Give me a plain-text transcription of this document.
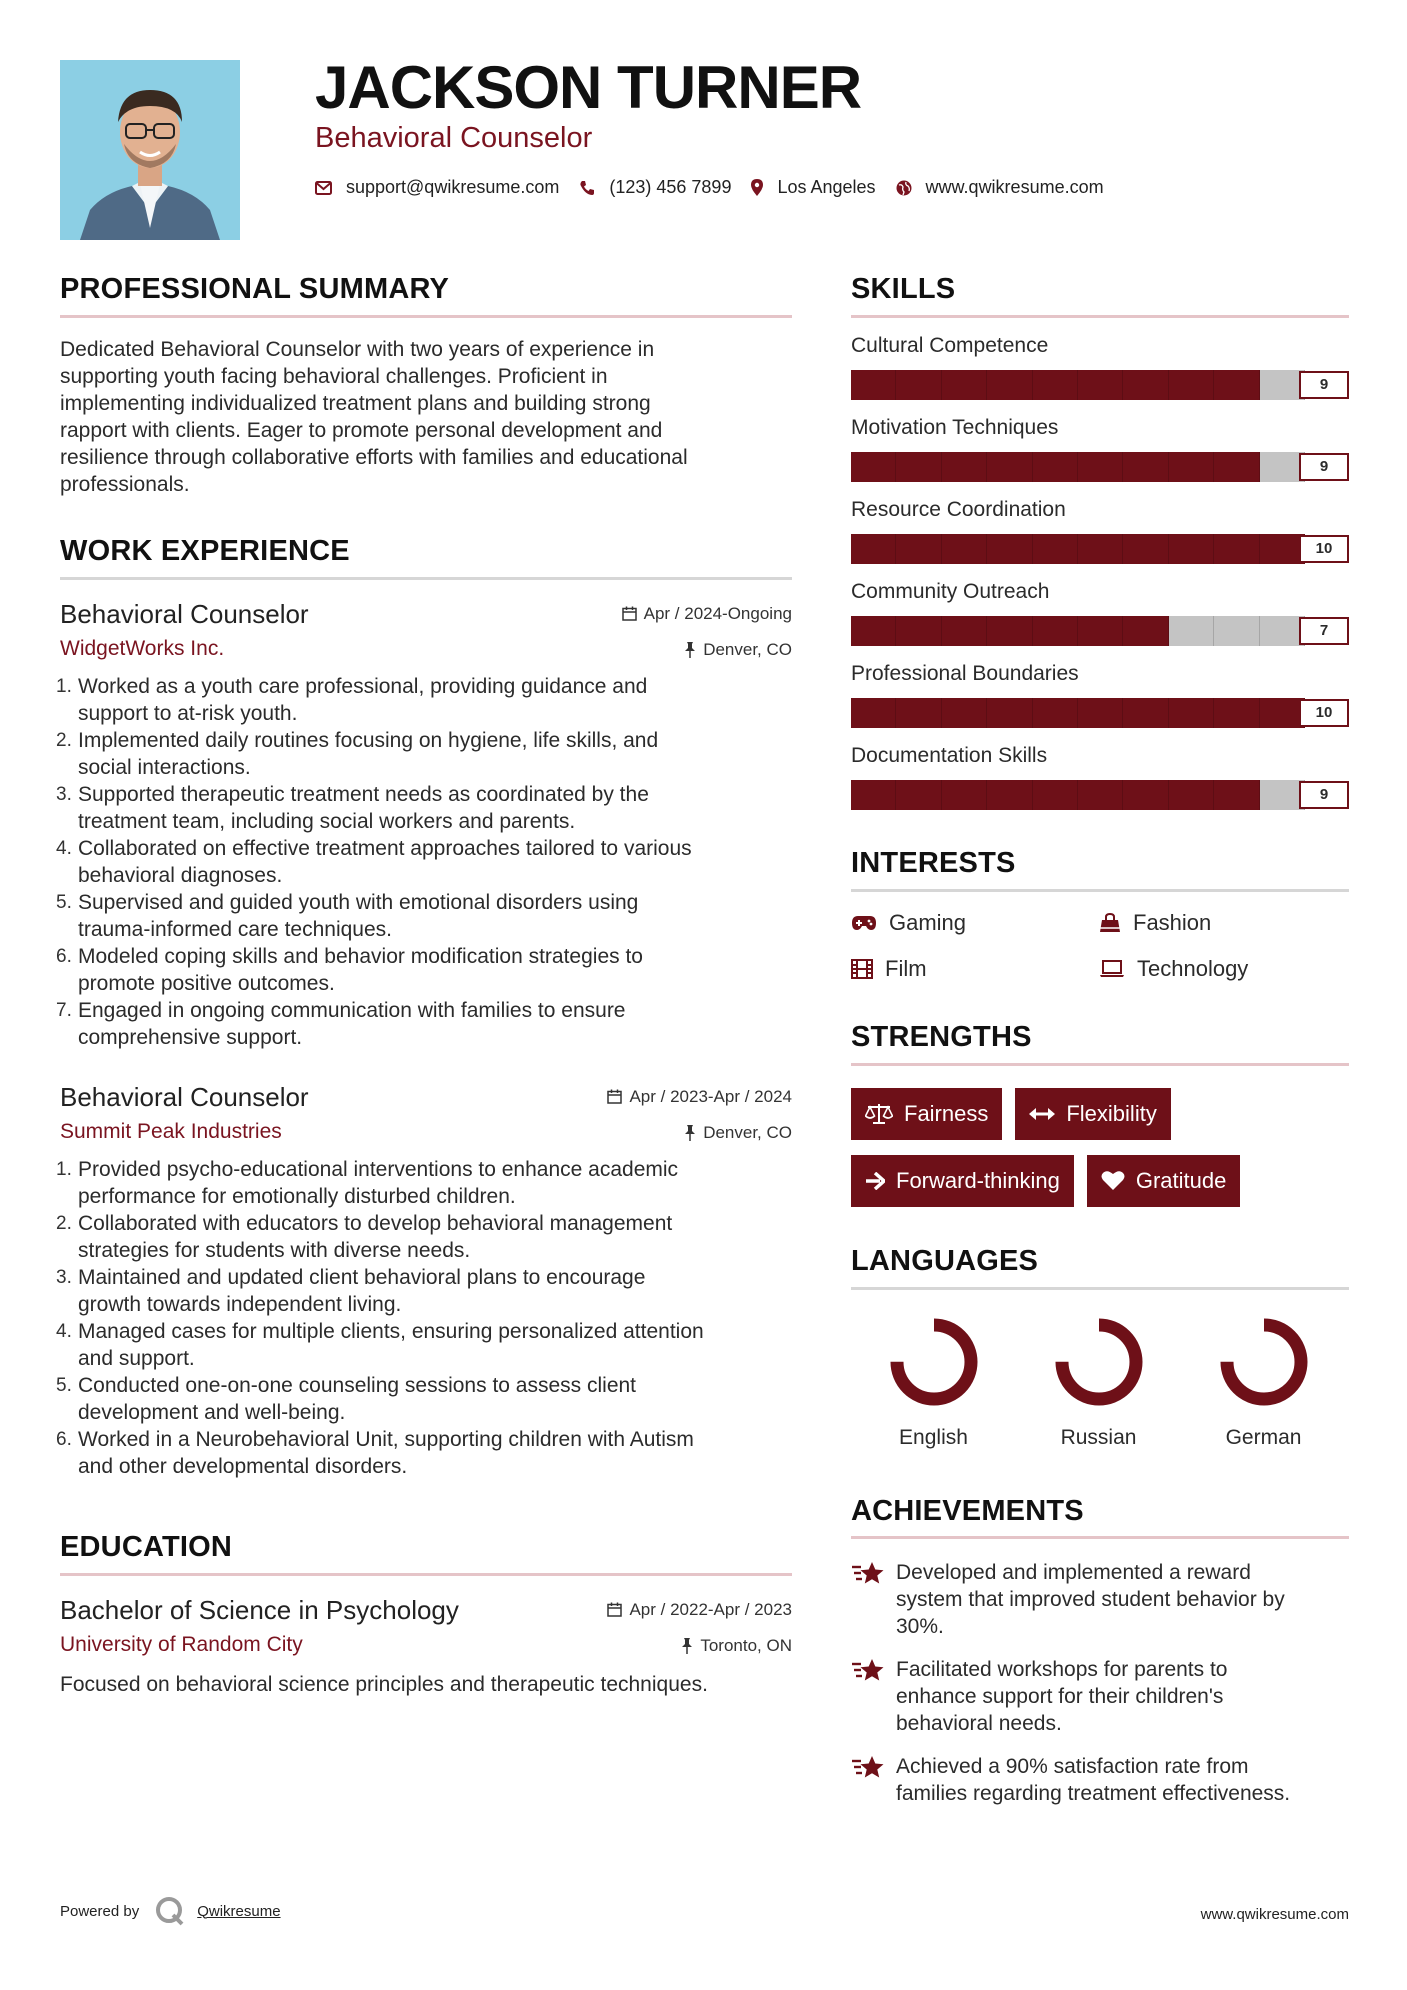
JACKSON TURNER
Behavioral Counselor
support@qwikresume.com	(123) 456 7899	Los Angeles	www.qwikresume.com
PROFESSIONAL SUMMARY
Dedicated Behavioral Counselor with two years of experience in
supporting youth facing behavioral challenges. Proficient in
implementing individualized treatment plans and building strong
rapport with clients. Eager to promote personal development and
resilience through collaborative efforts with families and educational
professionals.
WORK EXPERIENCE
Behavioral Counselor
WidgetWorks Inc.
Apr / 2024-Ongoing
Denver, CO
1. Worked as a youth care professional, providing guidance and
support to at-risk youth.
2. Implemented daily routines focusing on hygiene, life skills, and
social interactions.
3. Supported therapeutic treatment needs as coordinated by the
treatment team, including social workers and parents.
4. Collaborated on effective treatment approaches tailored to various
behavioral diagnoses.
5. Supervised and guided youth with emotional disorders using
trauma-informed care techniques.
6. Modeled coping skills and behavior modification strategies to
promote positive outcomes.
7. Engaged in ongoing communication with families to ensure
comprehensive support.
Behavioral Counselor
Summit Peak Industries
Apr / 2023-Apr / 2024
Denver, CO
1. Provided psycho-educational interventions to enhance academic
performance for emotionally disturbed children.
2. Collaborated with educators to develop behavioral management
strategies for students with diverse needs.
3. Maintained and updated client behavioral plans to encourage
growth towards independent living.
4. Managed cases for multiple clients, ensuring personalized attention
and support.
5. Conducted one-on-one counseling sessions to assess client
development and well-being.
6. Worked in a Neurobehavioral Unit, supporting children with Autism
and other developmental disorders.
EDUCATION
Bachelor of Science in Psychology
University of Random City
Apr / 2022-Apr / 2023
Toronto, ON
Focused on behavioral science principles and therapeutic techniques.
SKILLS
Cultural Competence
9
Motivation Techniques
9
Resource Coordination
10
Community Outreach
7
Professional Boundaries
10
Documentation Skills
9
INTERESTS
Gaming	Fashion
Film	Technology
STRENGTHS
Fairness	Flexibility
Forward-thinking	Gratitude
LANGUAGES
English	Russian	German
ACHIEVEMENTS
Developed and implemented a reward
system that improved student behavior by
30%.
Facilitated workshops for parents to
enhance support for their children's
behavioral needs.
Achieved a 90% satisfaction rate from
families regarding treatment effectiveness.
Powered by	Qwikresume	www.qwikresume.com
